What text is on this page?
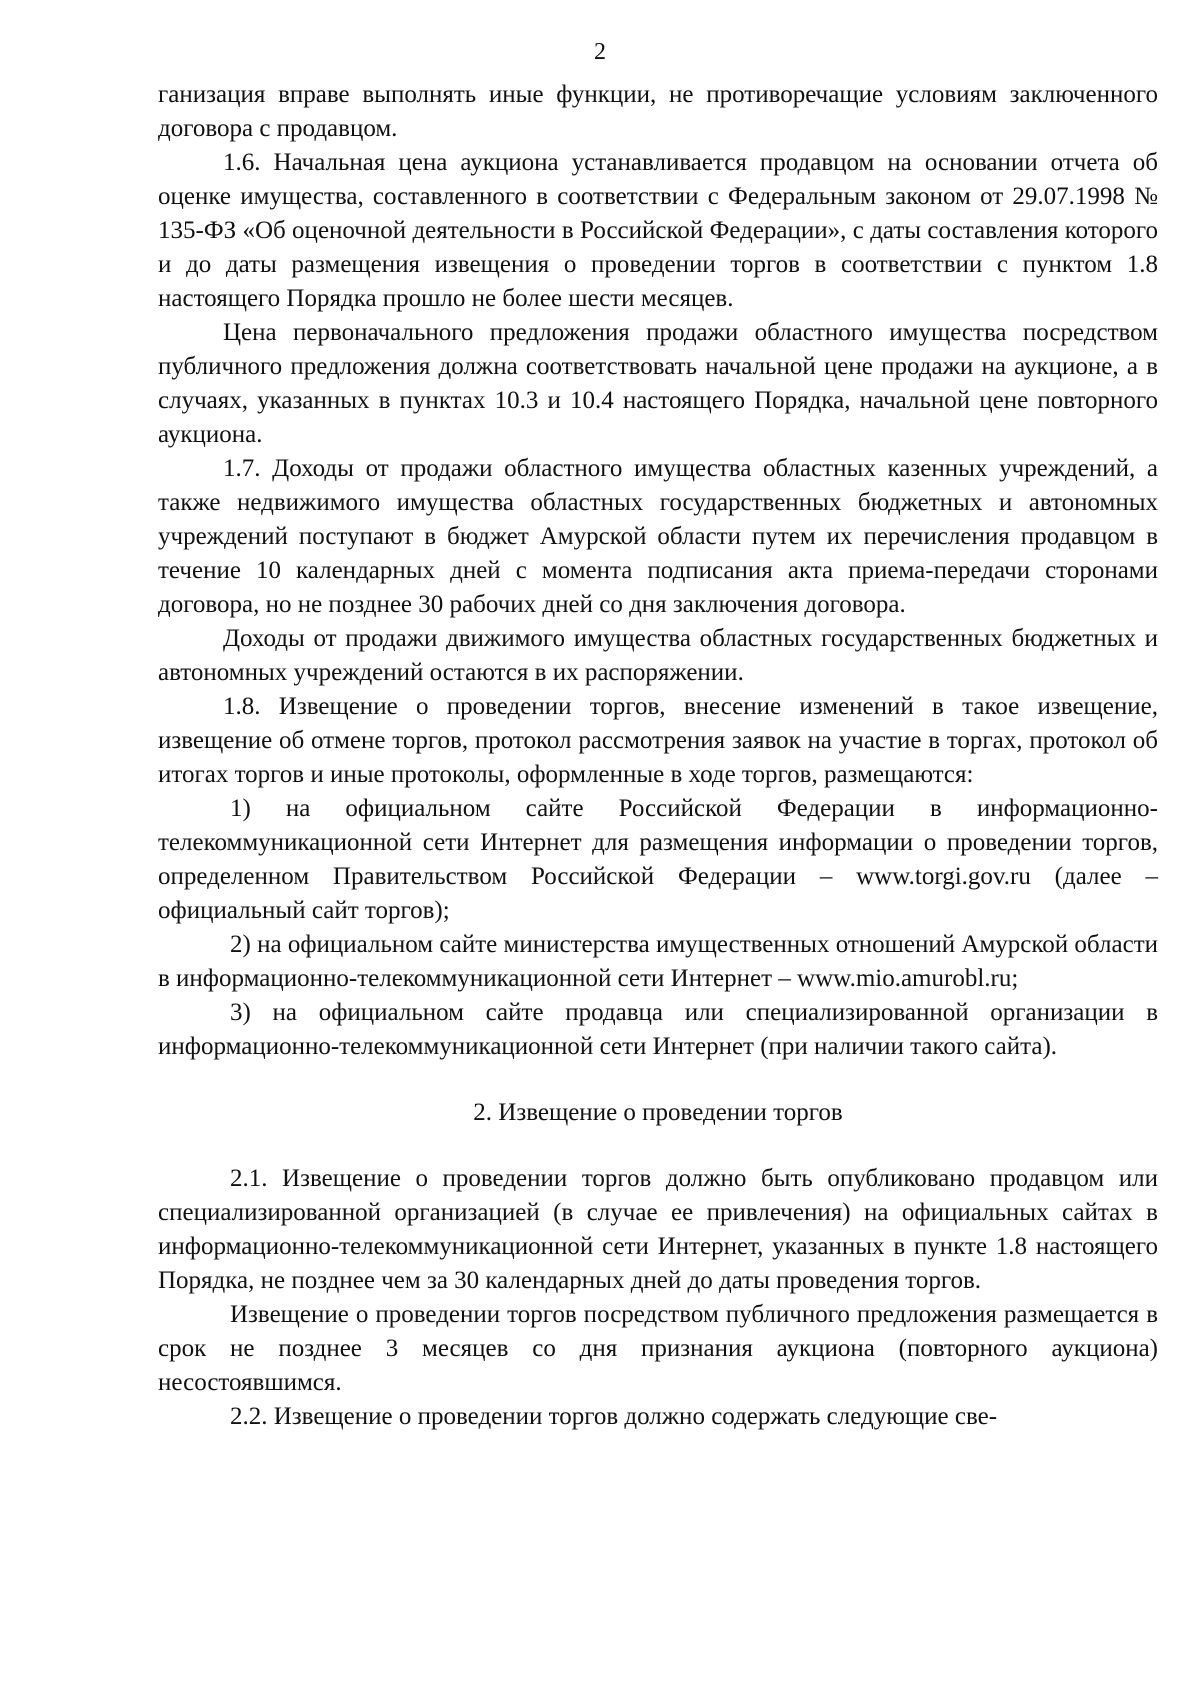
2

ганизация вправе выполнять иные функции, не противоречащие условиям заключенного договора с продавцом.

1.6. Начальная цена аукциона устанавливается продавцом на основании отчета об оценке имущества, составленного в соответствии с Федеральным законом от 29.07.1998 № 135-ФЗ «Об оценочной деятельности в Российской Федерации», с даты составления которого и до даты размещения извещения о проведении торгов в соответствии с пунктом 1.8 настоящего Порядка прошло не более шести месяцев.

Цена первоначального предложения продажи областного имущества посредством публичного предложения должна соответствовать начальной цене продажи на аукционе, а в случаях, указанных в пунктах 10.3 и 10.4 настоящего Порядка, начальной цене повторного аукциона.

1.7. Доходы от продажи областного имущества областных казенных учреждений, а также недвижимого имущества областных государственных бюджетных и автономных учреждений поступают в бюджет Амурской области путем их перечисления продавцом в течение 10 календарных дней с момента подписания акта приема-передачи сторонами договора, но не позднее 30 рабочих дней со дня заключения договора.

Доходы от продажи движимого имущества областных государственных бюджетных и автономных учреждений остаются в их распоряжении.

1.8. Извещение о проведении торгов, внесение изменений в такое извещение, извещение об отмене торгов, протокол рассмотрения заявок на участие в торгах, протокол об итогах торгов и иные протоколы, оформленные в ходе торгов, размещаются:

1) на официальном сайте Российской Федерации в информационно-телекоммуникационной сети Интернет для размещения информации о проведении торгов, определенном Правительством Российской Федерации – www.torgi.gov.ru (далее – официальный сайт торгов);

2) на официальном сайте министерства имущественных отношений Амурской области в информационно-телекоммуникационной сети Интернет – www.mio.amurobl.ru;

3) на официальном сайте продавца или специализированной организации в информационно-телекоммуникационной сети Интернет (при наличии такого сайта).

2. Извещение о проведении торгов

2.1. Извещение о проведении торгов должно быть опубликовано продавцом или специализированной организацией (в случае ее привлечения) на официальных сайтах в информационно-телекоммуникационной сети Интернет, указанных в пункте 1.8 настоящего Порядка, не позднее чем за 30 календарных дней до даты проведения торгов.

Извещение о проведении торгов посредством публичного предложения размещается в срок не позднее 3 месяцев со дня признания аукциона (повторного аукциона) несостоявшимся.

2.2. Извещение о проведении торгов должно содержать следующие све-
